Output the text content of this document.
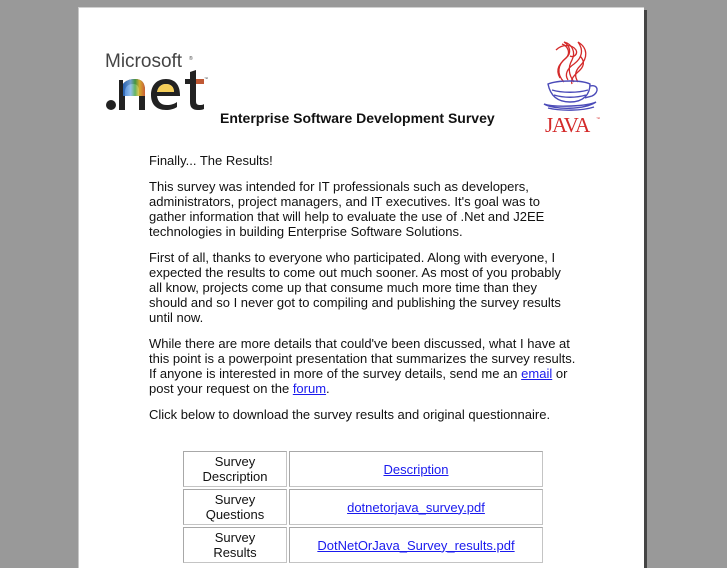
Microsoft ®
™
JAVA	™
Enterprise Software Development Survey

Finally... The Results!

This survey was intended for IT professionals such as developers, administrators, project managers, and IT executives. It's goal was to gather information that will help to evaluate the use of .Net and J2EE technologies in building Enterprise Software Solutions.

First of all, thanks to everyone who participated. Along with everyone, I expected the results to come out much sooner. As most of you probably all know, projects come up that consume much more time than they should and so I never got to compiling and publishing the survey results until now.

While there are more details that could've been discussed, what I have at this point is a powerpoint presentation that summarizes the survey results. If anyone is interested in more of the survey details, send me an email or post your request on the forum.

Click below to download the survey results and original questionnaire.

Survey
Description	Description
Survey
Questions	dotnetorjava_survey.pdf
Survey
Results	DotNetOrJava_Survey_results.pdf
